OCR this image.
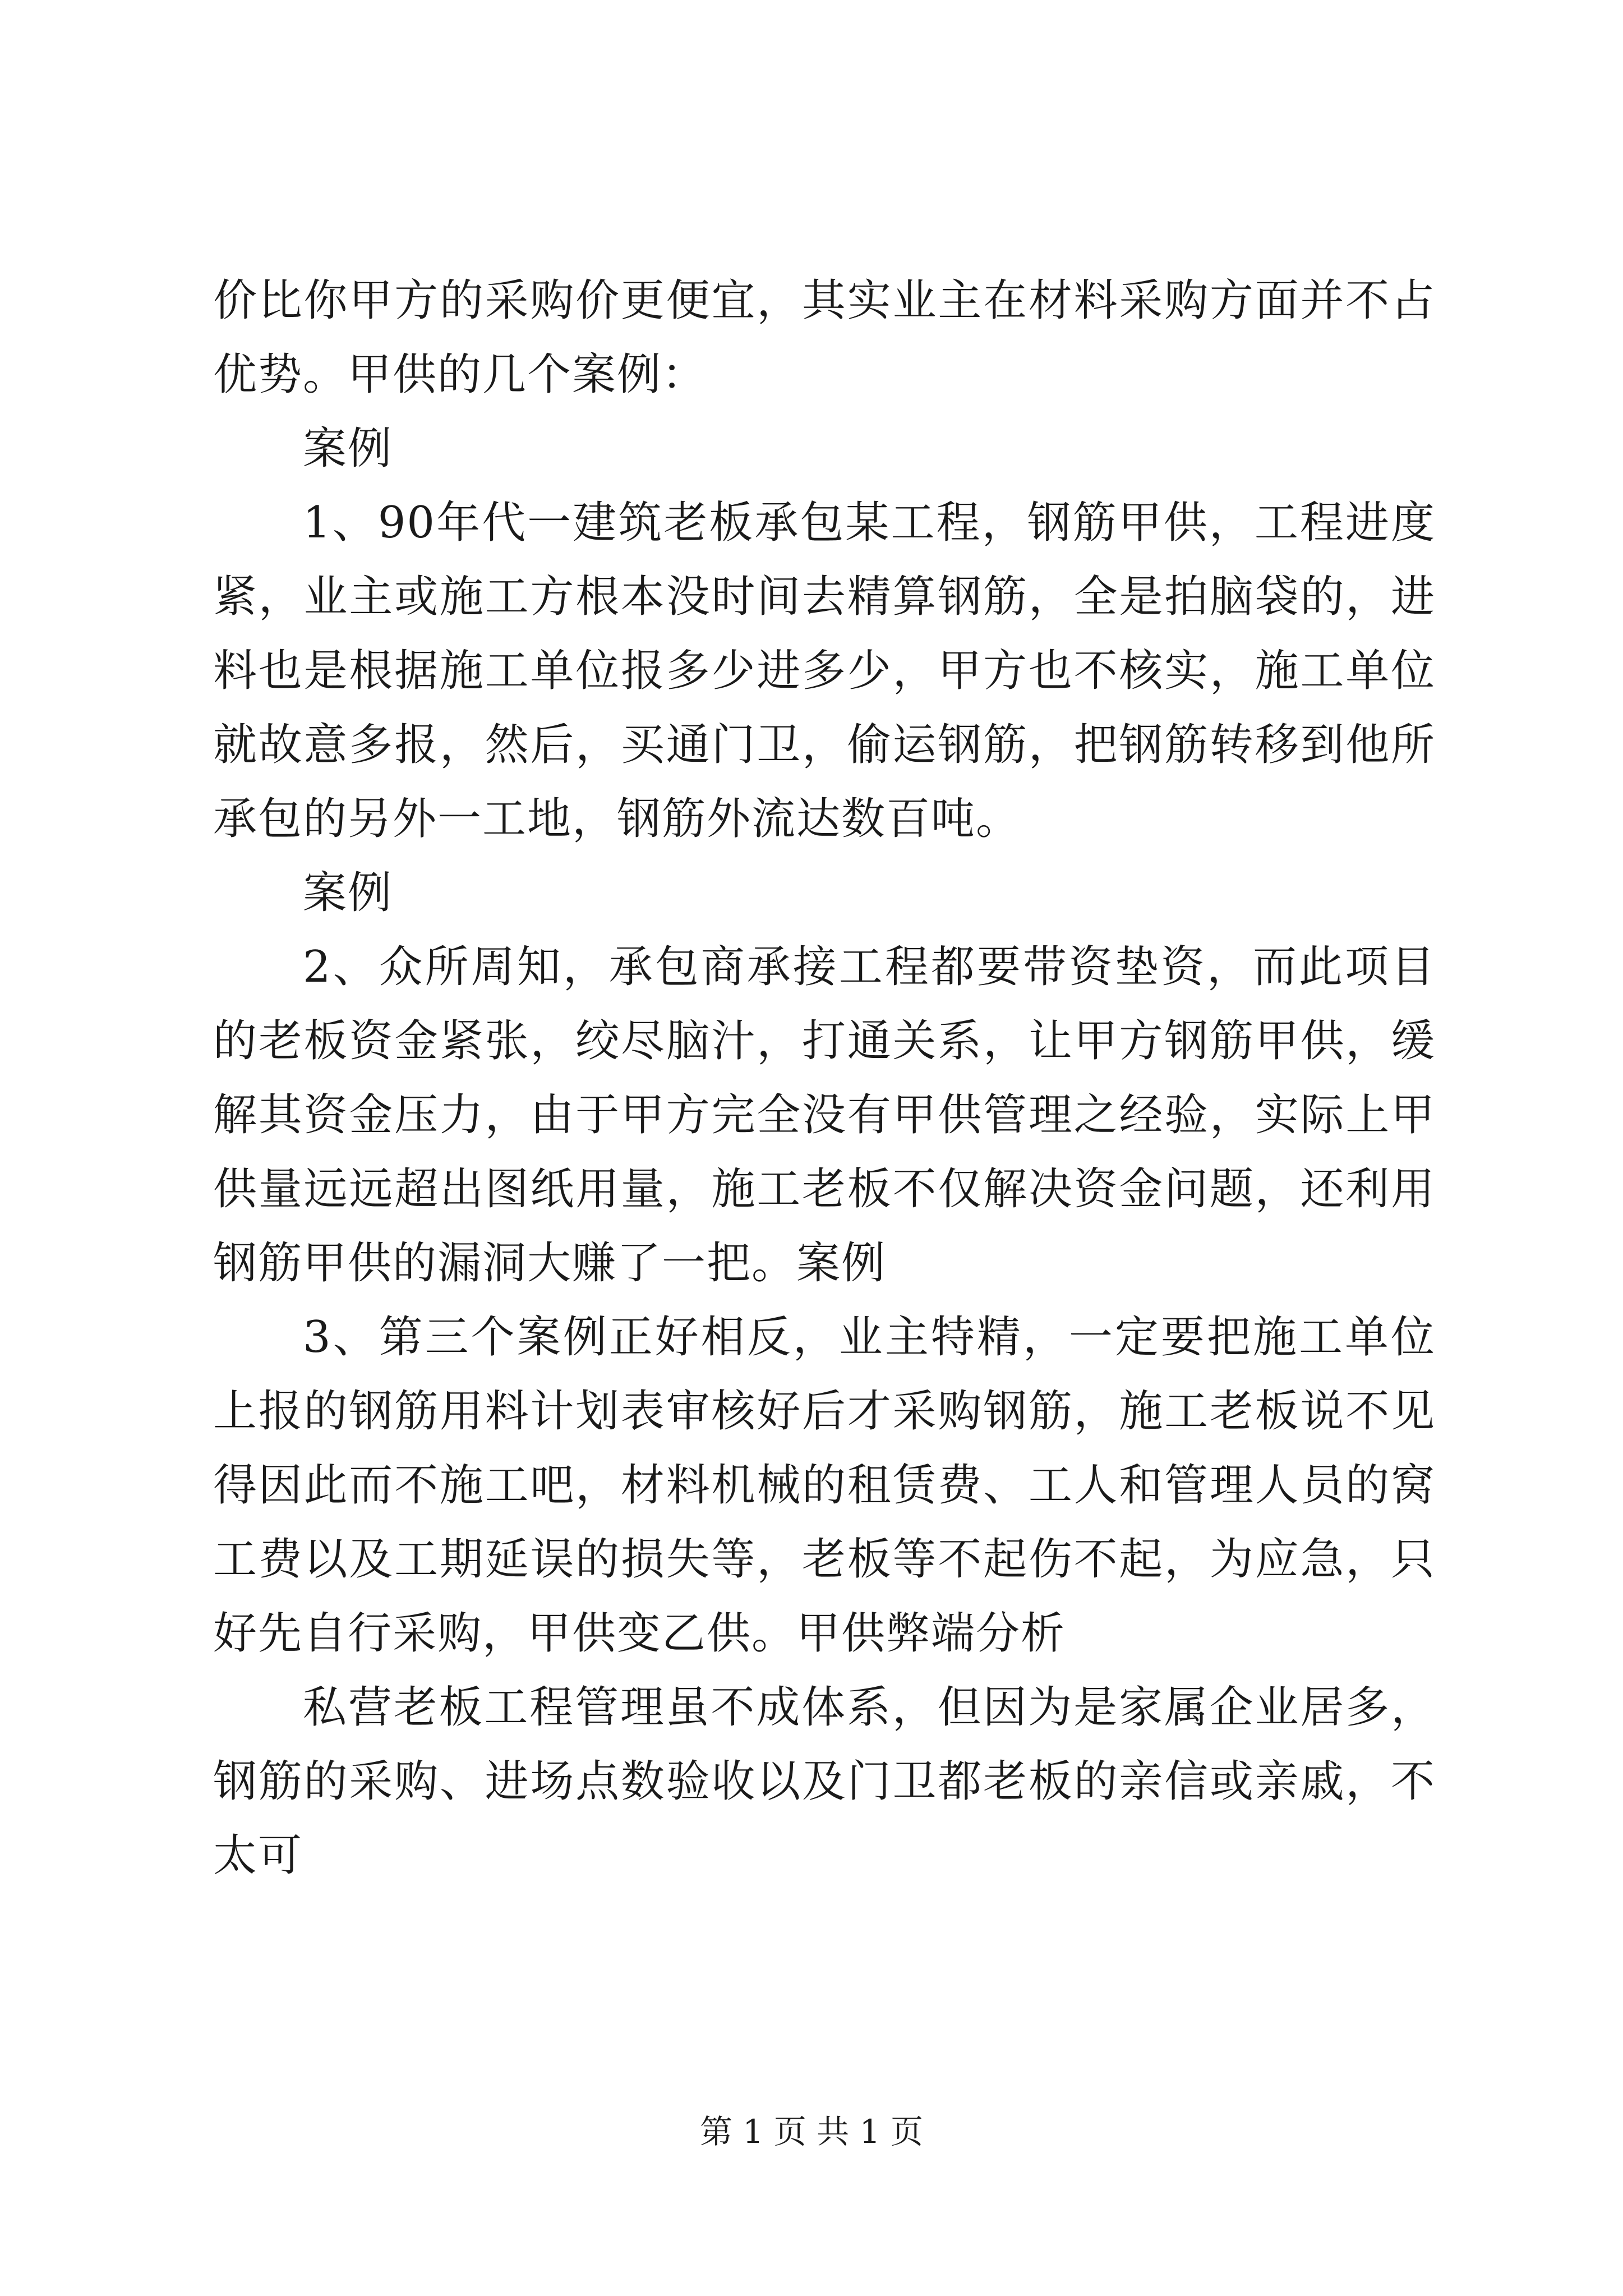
价比你甲方的采购价更便宜，其实业主在材料采购方面并不占优势。甲供的几个案例：

案例

1、90年代一建筑老板承包某工程，钢筋甲供，工程进度紧，业主或施工方根本没时间去精算钢筋，全是拍脑袋的，进料也是根据施工单位报多少进多少，甲方也不核实，施工单位就故意多报，然后，买通门卫，偷运钢筋，把钢筋转移到他所承包的另外一工地，钢筋外流达数百吨。

案例

2、众所周知，承包商承接工程都要带资垫资，而此项目的老板资金紧张，绞尽脑汁，打通关系，让甲方钢筋甲供，缓解其资金压力，由于甲方完全没有甲供管理之经验，实际上甲供量远远超出图纸用量，施工老板不仅解决资金问题，还利用钢筋甲供的漏洞大赚了一把。案例

3、第三个案例正好相反，业主特精，一定要把施工单位上报的钢筋用料计划表审核好后才采购钢筋，施工老板说不见得因此而不施工吧，材料机械的租赁费、工人和管理人员的窝工费以及工期延误的损失等，老板等不起伤不起，为应急，只好先自行采购，甲供变乙供。甲供弊端分析

私营老板工程管理虽不成体系，但因为是家属企业居多，钢筋的采购、进场点数验收以及门卫都老板的亲信或亲戚，不太可

第 1 页 共 1 页
